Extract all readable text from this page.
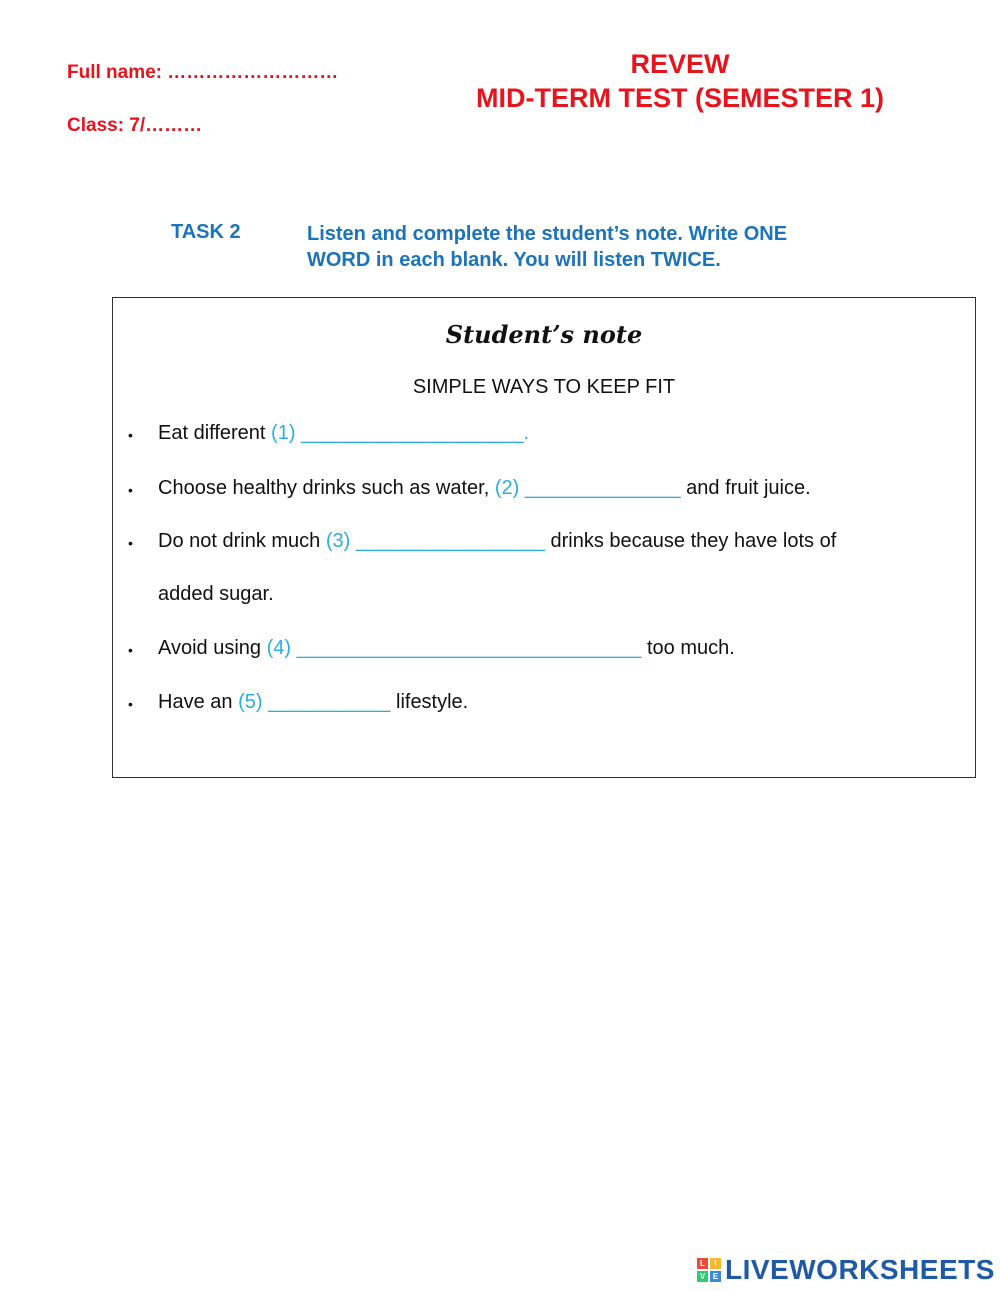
Full name: ………………………
Class: 7/………
REVEW
MID-TERM TEST (SEMESTER 1)
TASK 2	Listen and complete the student’s note. Write ONE
WORD in each blank. You will listen TWICE.
Student’s note
SIMPLE WAYS TO KEEP FIT
• Eat different (1) ____________________.
• Choose healthy drinks such as water, (2) ______________ and fruit juice.
• Do not drink much (3) _________________ drinks because they have lots of
added sugar.
• Avoid using (4) _______________________________ too much.
• Have an (5) ___________ lifestyle.
L	I
V E LIVEWORKSHEETS
